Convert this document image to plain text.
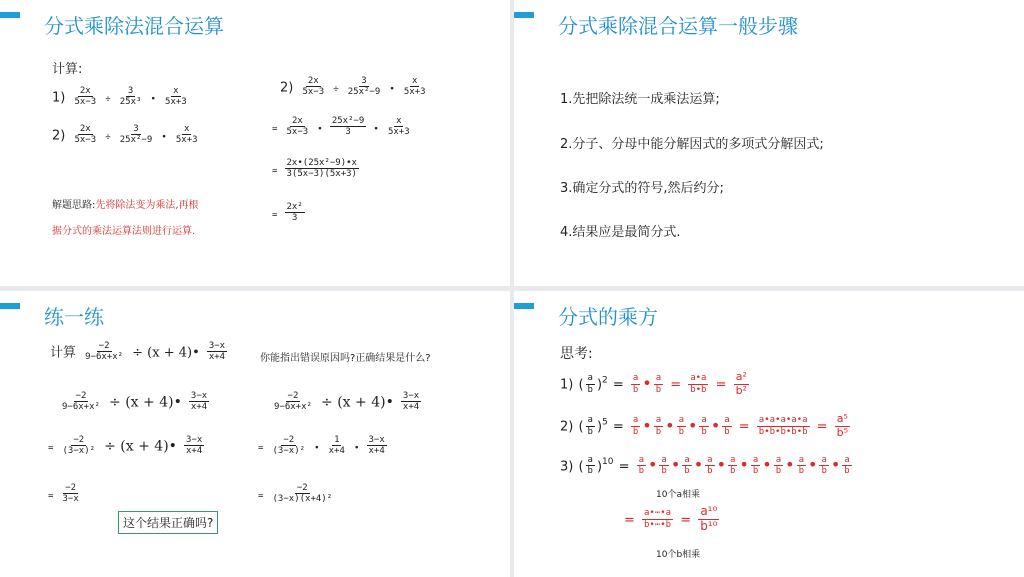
分式乘除法混合运算
计算:
$1) \frac{2x}{5x-3} \div \frac{3}{\text{25x³}}$ • $\frac{x}{5x+3}$
$2) \frac{2x}{5x-3} \div \frac{3}{\text{25x²−9}}$ • $\frac{x}{5x+3}$
解题思路:先将除法变为乘法,再根
据分式的乘法运算法则进行运算.
$2) \frac{2x}{5x-3} \div \frac{3}{\text{25x²−9}}$ • $\frac{x}{5x+3}$
= $\frac{2x}{5x-3}$ • $\frac{\text{25x²−9}}{3}$ • $\frac{x}{5x+3}$
= $\frac{\text{2x•(25x²−9)•x}}{3(5x-3)(5x+3)}$
= $\frac{\text{2x²}}{3}$
分式乘除混合运算一般步骤
1.先把除法统一成乘法运算;
2.分子、分母中能分解因式的多项式分解因式;
3.确定分式的符号,然后约分;
4.结果应是最简分式.
练一练
计算 $\frac{-2}{\text{9−6x+x²}} \div (x$ + 4)• $\frac{3-x}{x+4}$	你能指出错误原因吗?正确结果是什么?
$\frac{-2}{\text{9−6x+x²}} \div (x$ + 4)• $\frac{3-x}{x+4}$
= $\frac{-2}{\text{(3−x)²}} \div (x$ + 4)• $\frac{3-x}{x+4}$
= $\frac{-2}{3-x}$
这个结果正确吗?
$\frac{-2}{\text{9−6x+x²}} \div (x$ + 4)• $\frac{3-x}{x+4}$
= $\frac{-2}{\text{(3−x)²}}$ • $\frac{1}{x+4}$ • $\frac{3-x}{x+4}$
= $\frac{-2}{\text{(3−x)(x+4)²}}$
分式的乘方
思考:
1) ( $\frac{a}{b} )^2 = \frac{a}{b}$ • $\frac{a}{b} = \frac{a•a}{b•b} = \frac{\text{a²}}{\text{b²}}$
2) ( $\frac{a}{b} )^5 = \frac{a}{b}$ • $\frac{a}{b}$ • $\frac{a}{b}$ • $\frac{a}{b}$ • $\frac{a}{b} = \frac{a•a•a•a•a}{b•b•b•b•b} = \frac{\text{a⁵}}{\text{b⁵}}$
3) ( $\frac{a}{b} )^{10} = \frac{a}{b}$ • $\frac{a}{b}$ • $\frac{a}{b}$ • $\frac{a}{b}$ • $\frac{a}{b}$ • $\frac{a}{b}$ • $\frac{a}{b}$ • $\frac{a}{b}$ • $\frac{a}{b}$ • $\frac{a}{b}$
10个a相乘
= $\frac{a•\cdots•a}{b•\cdots•b} = \frac{\text{a¹⁰}}{\text{b¹⁰}}$
10个b相乘
